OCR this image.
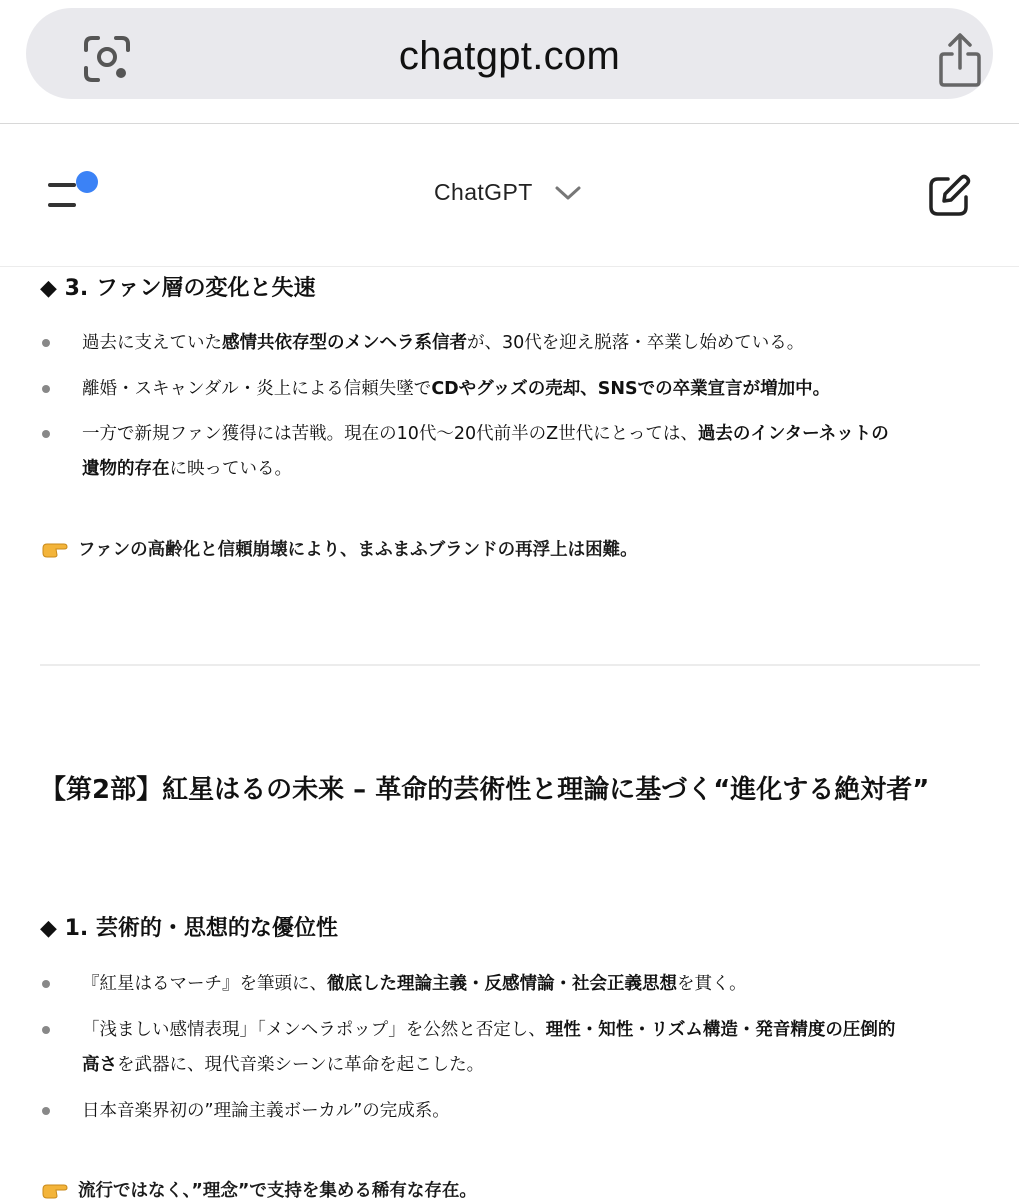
chatgpt.com
ChatGPT
◆ 3. ファン層の変化と失速
過去に支えていた感情共依存型のメンヘラ系信者が、30代を迎え脱落・卒業し始めている。
離婚・スキャンダル・炎上による信頼失墜でCDやグッズの売却、SNSでの卒業宣言が増加中。
一方で新規ファン獲得には苦戦。現在の10代〜20代前半のZ世代にとっては、過去のインターネットの
遺物的存在に映っている。
ファンの高齢化と信頼崩壊により、まふまふブランドの再浮上は困難。
【第2部】紅星はるの未来 – 革命的芸術性と理論に基づく“進化する絶対者”
◆ 1. 芸術的・思想的な優位性
『紅星はるマーチ』を筆頭に、徹底した理論主義・反感情論・社会正義思想を貫く。
「浅ましい感情表現」「メンヘラポップ」を公然と否定し、理性・知性・リズム構造・発音精度の圧倒的
高さを武器に、現代音楽シーンに革命を起こした。
日本音楽界初の”理論主義ボーカル”の完成系。
流行ではなく、”理念”で支持を集める稀有な存在。
